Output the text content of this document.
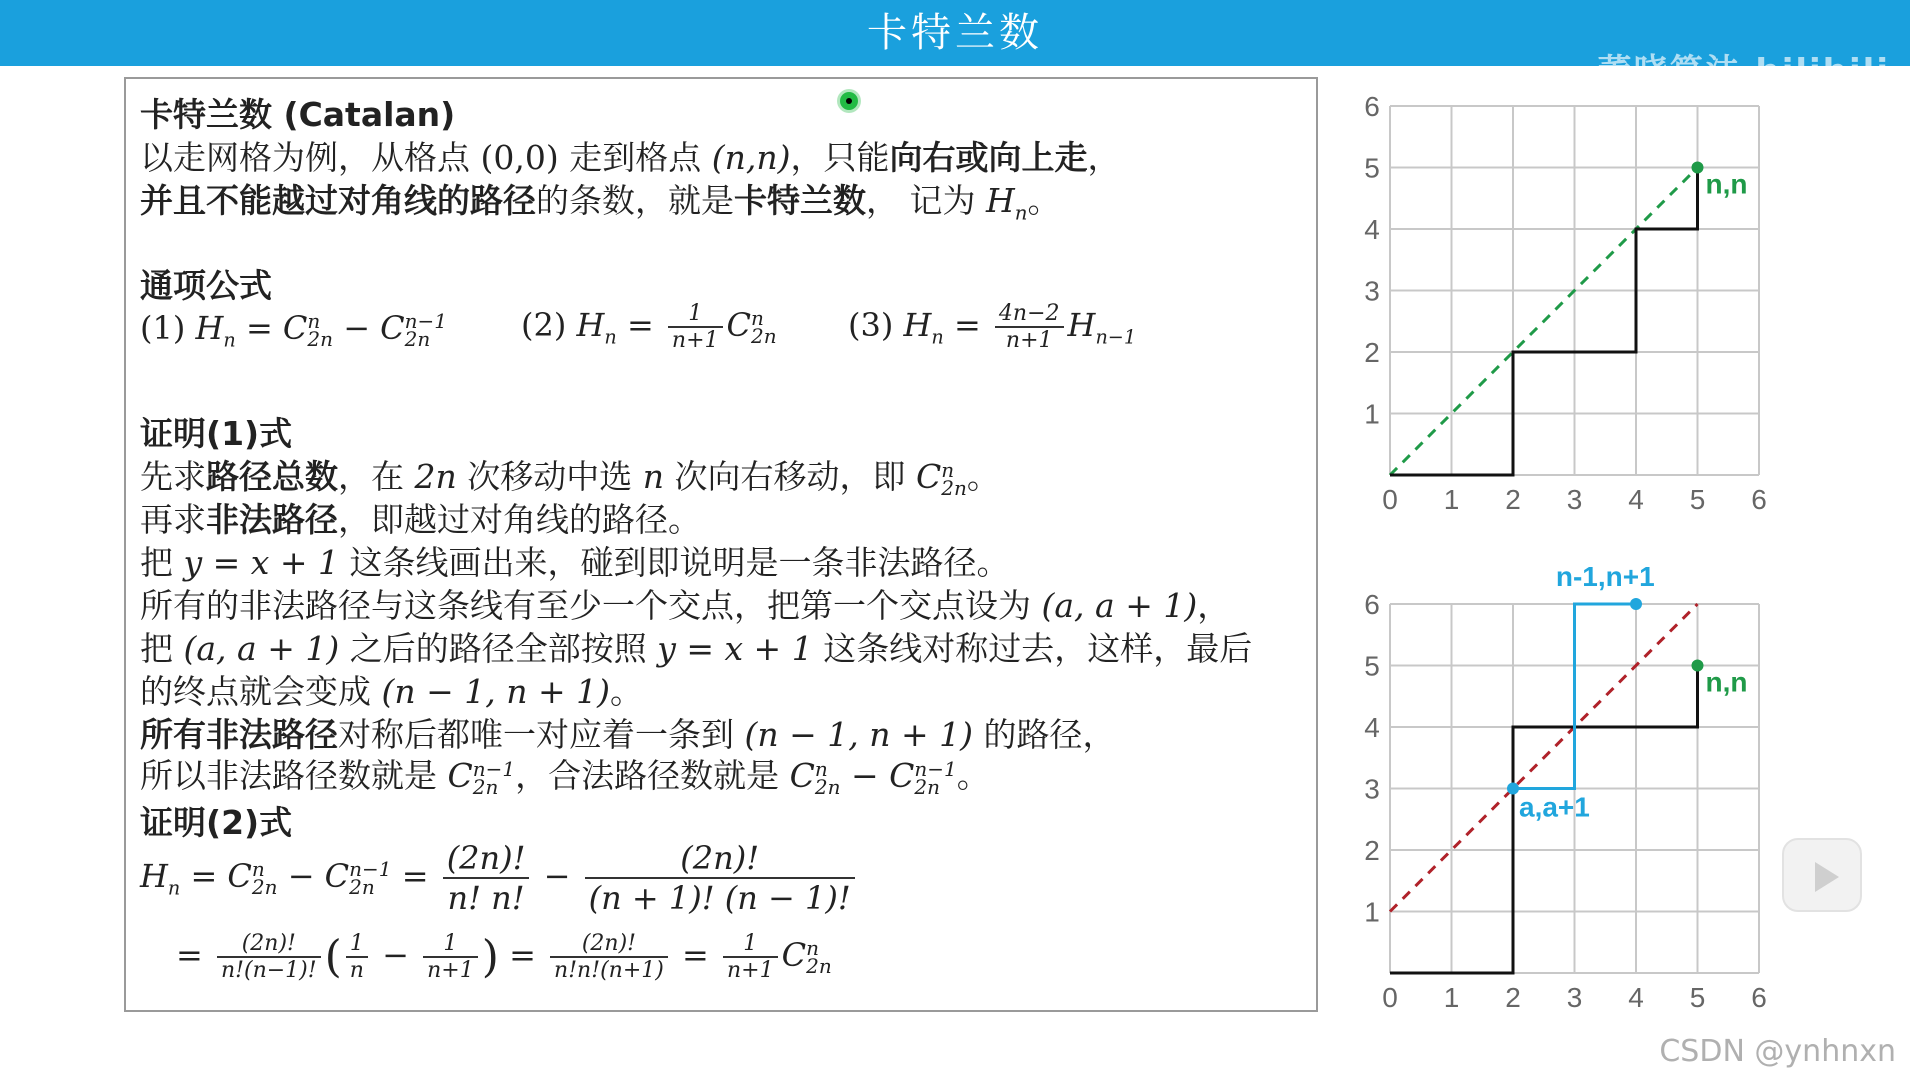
卡特兰数
董晓算法 bilibili
卡特兰数 (Catalan)
以走网格为例，从格点 (0,0) 走到格点 (n,n)，只能向右或向上走，
并且不能越过对角线的路径的条数，就是卡特兰数， 记为 $H_n$。
通项公式
(1) $H_n = C$ n
2n − C n−1
2n	(2) $H_n = \frac{1}{n+1}$ C n
2n (3) $H_n = \frac{4n-2}{n+1} H_{n-1}$
证明(1)式
先求路径总数，在 2n 次移动中选 n 次向右移动，即 C n
2n 。
再求非法路径，即越过对角线的路径。
把 y = x + 1 这条线画出来，碰到即说明是一条非法路径。
所有的非法路径与这条线有至少一个交点，把第一个交点设为 (a, a + 1)，
把 (a, a + 1) 之后的路径全部按照 y = x + 1 这条线对称过去，这样，最后
的终点就会变成 (n − 1, n + 1)。
所有非法路径对称后都唯一对应着一条到 (n − 1, n + 1) 的路径，
所以非法路径数就是 C n−1
2n ，合法路径数就是 C n
2n − C n−1
2n 。
证明(2)式
$H_n = C$ n
2n − C n−1
$2n = \frac{(2n)!}{n! n!} - \frac{(2n)!}{(n + 1)! (n - 1)!}$
= $\frac{(2n)!}{n!(n-1)!}$ ( $\frac{1}{n} - \frac{1}{n+1}$ ) = $\frac{(2n)!}{n!n!(n+1)} = \frac{1}{n+1}$ C n
2n
0 1 2 3 4 5 6
1
2
3
4
5
6
n,n
0 1 2 3 4 5 6
1
2
3
4
5
6
n,n
n-1,n+1
a,a+1
CSDN @ynhnxn
